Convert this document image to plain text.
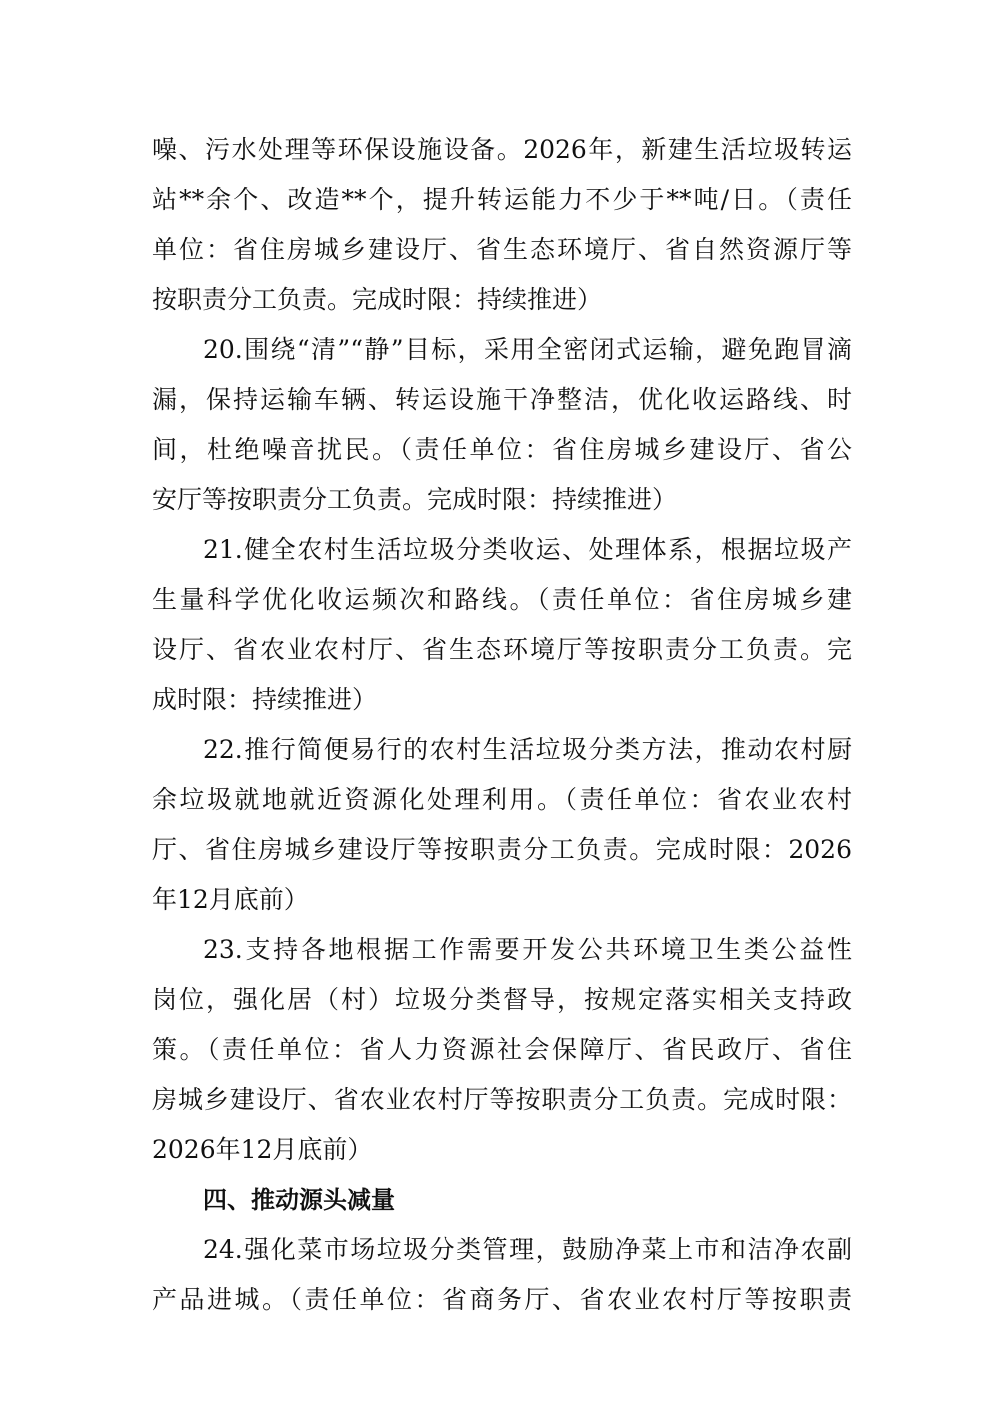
噪、污水处理等环保设施设备。2026年，新建生活垃圾转运
站**余个、改造**个，提升转运能力不少于**吨/日。（责任
单位：省住房城乡建设厅、省生态环境厅、省自然资源厅等
按职责分工负责。完成时限：持续推进）
20.围绕“清”“静”目标，采用全密闭式运输，避免跑冒滴
漏，保持运输车辆、转运设施干净整洁，优化收运路线、时
间，杜绝噪音扰民。（责任单位：省住房城乡建设厅、省公
安厅等按职责分工负责。完成时限：持续推进）
21.健全农村生活垃圾分类收运、处理体系，根据垃圾产
生量科学优化收运频次和路线。（责任单位：省住房城乡建
设厅、省农业农村厅、省生态环境厅等按职责分工负责。完
成时限：持续推进）
22.推行简便易行的农村生活垃圾分类方法，推动农村厨
余垃圾就地就近资源化处理利用。（责任单位：省农业农村
厅、省住房城乡建设厅等按职责分工负责。完成时限：2026
年12月底前）
23.支持各地根据工作需要开发公共环境卫生类公益性
岗位，强化居（村）垃圾分类督导，按规定落实相关支持政
策。（责任单位：省人力资源社会保障厅、省民政厅、省住
房城乡建设厅、省农业农村厅等按职责分工负责。完成时限：
2026年12月底前）
四、推动源头减量
24.强化菜市场垃圾分类管理，鼓励净菜上市和洁净农副
产品进城。（责任单位：省商务厅、省农业农村厅等按职责
